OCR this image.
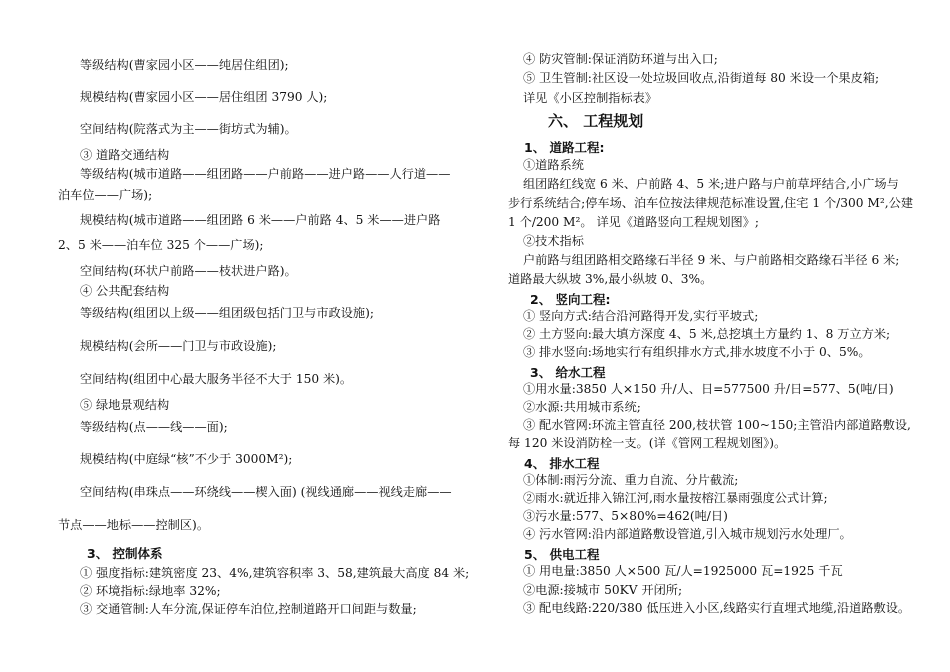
等级结构(曹家园小区——纯居住组团);
规模结构(曹家园小区——居住组团 3790 人);
空间结构(院落式为主——街坊式为辅)。
③ 道路交通结构
等级结构(城市道路——组团路——户前路——进户路——人行道——
泊车位——广场);
规模结构(城市道路——组团路 6 米——户前路 4、5 米——进户路
2、5 米——泊车位 325 个——广场);
空间结构(环状户前路——枝状进户路)。
④ 公共配套结构
等级结构(组团以上级——组团级包括门卫与市政设施);
规模结构(会所——门卫与市政设施);
空间结构(组团中心最大服务半径不大于 150 米)。
⑤ 绿地景观结构
等级结构(点——线——面);
规模结构(中庭绿“核”不少于 3000M²);
空间结构(串珠点——环绕线——楔入面) (视线通廊——视线走廊——
节点——地标——控制区)。
3、 控制体系
① 强度指标:建筑密度 23、4%,建筑容积率 3、58,建筑最大高度 84 米;
② 环境指标:绿地率 32%;
③ 交通管制:人车分流,保证停车泊位,控制道路开口间距与数量;
④ 防灾管制:保证消防环道与出入口;
⑤ 卫生管制:社区设一处垃圾回收点,沿街道每 80 米设一个果皮箱;
详见《小区控制指标表》
六、 工程规划
1、 道路工程:
①道路系统
组团路红线宽 6 米、户前路 4、5 米;进户路与户前草坪结合,小广场与
步行系统结合;停车场、泊车位按法律规范标准设置,住宅 1 个/300 M²,公建
1 个/200 M²。 详见《道路竖向工程规划图》;
②技术指标
户前路与组团路相交路缘石半径 9 米、与户前路相交路缘石半径 6 米;
道路最大纵坡 3%,最小纵坡 0、3%。
2、 竖向工程:
① 竖向方式:结合沿河路得开发,实行平坡式;
② 土方竖向:最大填方深度 4、5 米,总挖填土方量约 1、8 万立方米;
③ 排水竖向:场地实行有组织排水方式,排水坡度不小于 0、5%。
3、 给水工程
①用水量:3850 人×150 升/人、日=577500 升/日=577、5(吨/日)
②水源:共用城市系统;
③ 配水管网:环流主管直径 200,枝状管 100~150;主管沿内部道路敷设,
每 120 米设消防栓一支。(详《管网工程规划图》)。
4、 排水工程
①体制:雨污分流、重力自流、分片截流;
②雨水:就近排入锦江河,雨水量按榕江暴雨强度公式计算;
③污水量:577、5×80%=462(吨/日)
④ 污水管网:沿内部道路敷设管道,引入城市规划污水处理厂。
5、 供电工程
① 用电量:3850 人×500 瓦/人=1925000 瓦=1925 千瓦
②电源:接城市 50KV 开闭所;
③ 配电线路:220/380 低压进入小区,线路实行直埋式地缆,沿道路敷设。
